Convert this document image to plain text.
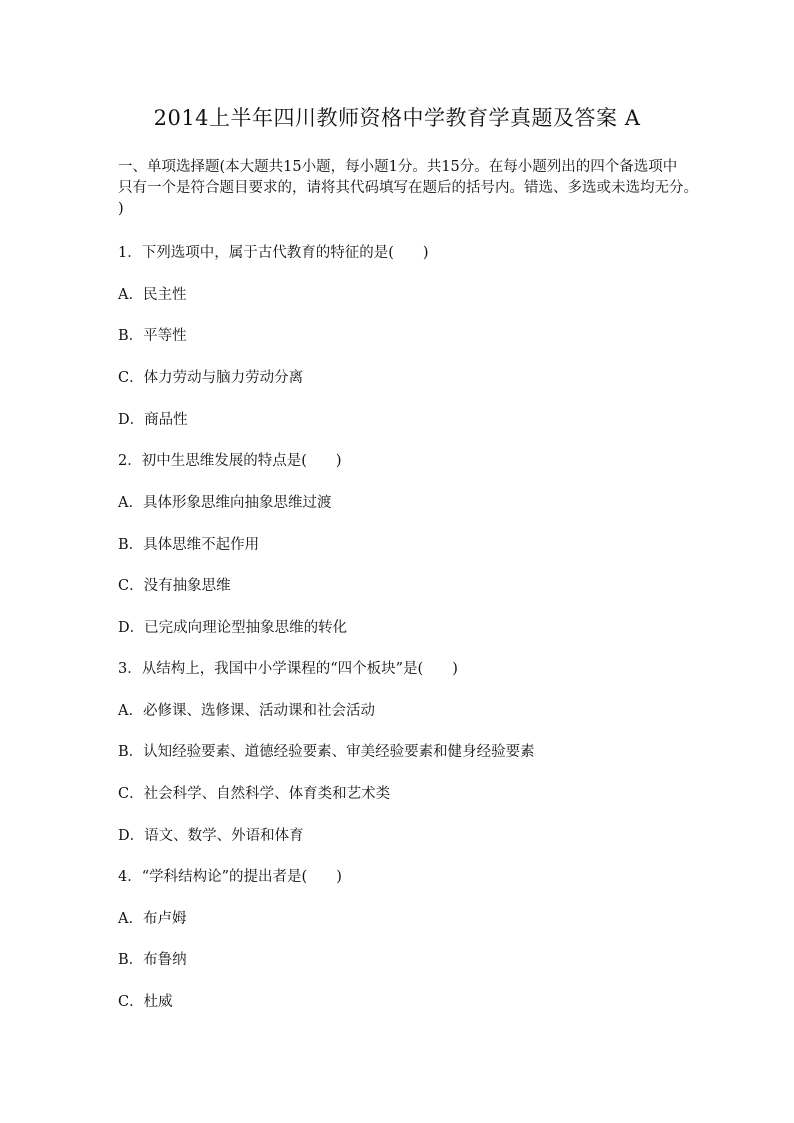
2014上半年四川教师资格中学教育学真题及答案 A
一、单项选择题(本大题共15小题，每小题1分。共15分。在每小题列出的四个备选项中
只有一个是符合题目要求的，请将其代码填写在题后的括号内。错选、多选或未选均无分。
)
1．下列选项中，属于古代教育的特征的是(　　)
A．民主性
B．平等性
C．体力劳动与脑力劳动分离
D．商品性
2．初中生思维发展的特点是(　　)
A．具体形象思维向抽象思维过渡
B．具体思维不起作用
C．没有抽象思维
D．已完成向理论型抽象思维的转化
3．从结构上，我国中小学课程的“四个板块”是(　　)
A．必修课、选修课、活动课和社会活动
B．认知经验要素、道德经验要素、审美经验要素和健身经验要素
C．社会科学、自然科学、体育类和艺术类
D．语文、数学、外语和体育
4．“学科结构论”的提出者是(　　)
A．布卢姆
B．布鲁纳
C．杜威
